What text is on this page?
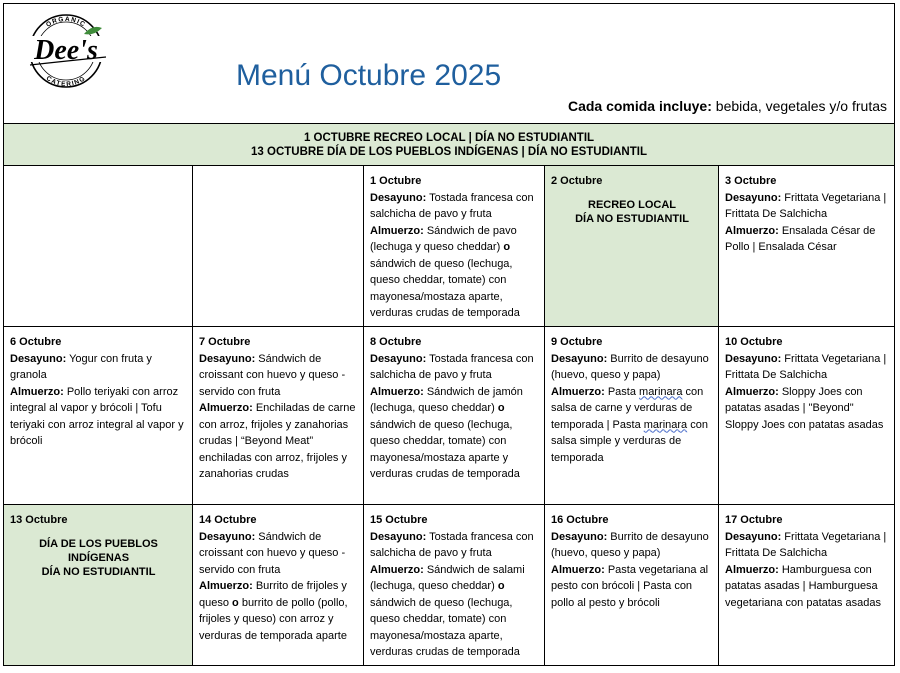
ORGANIC
CATERING
Dee's
Menú Octubre 2025
Cada comida incluye: bebida, vegetales y/o frutas
1 OCTUBRE RECREO LOCAL | DÍA NO ESTUDIANTIL
13 OCTUBRE DÍA DE LOS PUEBLOS INDÍGENAS | DÍA NO ESTUDIANTIL
1 Octubre
Desayuno: Tostada francesa con salchicha de pavo y fruta
Almuerzo: Sándwich de pavo (lechuga y queso cheddar) o sándwich de queso (lechuga, queso cheddar, tomate) con mayonesa/mostaza aparte, verduras crudas de temporada
2 Octubre
RECREO LOCAL
DÍA NO ESTUDIANTIL
3 Octubre
Desayuno: Frittata Vegetariana | Frittata De Salchicha
Almuerzo: Ensalada César de Pollo | Ensalada César
6 Octubre
Desayuno: Yogur con fruta y granola
Almuerzo: Pollo teriyaki con arroz integral al vapor y brócoli | Tofu teriyaki con arroz integral al vapor y brócoli
7 Octubre
Desayuno: Sándwich de croissant con huevo y queso - servido con fruta
Almuerzo: Enchiladas de carne con arroz, frijoles y zanahorias crudas | “Beyond Meat” enchiladas con arroz, frijoles y zanahorias crudas
8 Octubre
Desayuno: Tostada francesa con salchicha de pavo y fruta
Almuerzo: Sándwich de jamón (lechuga, queso cheddar) o sándwich de queso (lechuga, queso cheddar, tomate) con mayonesa/mostaza aparte y verduras crudas de temporada
9 Octubre
Desayuno: Burrito de desayuno (huevo, queso y papa)
Almuerzo: Pasta marinara con salsa de carne y verduras de temporada | Pasta marinara con salsa simple y verduras de temporada
10 Octubre
Desayuno: Frittata Vegetariana | Frittata De Salchicha
Almuerzo: Sloppy Joes con patatas asadas | "Beyond" Sloppy Joes con patatas asadas
13 Octubre
DÍA DE LOS PUEBLOS INDÍGENAS
DÍA NO ESTUDIANTIL
14 Octubre
Desayuno: Sándwich de croissant con huevo y queso - servido con fruta
Almuerzo: Burrito de frijoles y queso o burrito de pollo (pollo, frijoles y queso) con arroz y verduras de temporada aparte
15 Octubre
Desayuno: Tostada francesa con salchicha de pavo y fruta
Almuerzo: Sándwich de salami (lechuga, queso cheddar) o sándwich de queso (lechuga, queso cheddar, tomate) con mayonesa/mostaza aparte, verduras crudas de temporada
16 Octubre
Desayuno: Burrito de desayuno (huevo, queso y papa)
Almuerzo: Pasta vegetariana al pesto con brócoli | Pasta con pollo al pesto y brócoli
17 Octubre
Desayuno: Frittata Vegetariana | Frittata De Salchicha
Almuerzo: Hamburguesa con patatas asadas | Hamburguesa vegetariana con patatas asadas
